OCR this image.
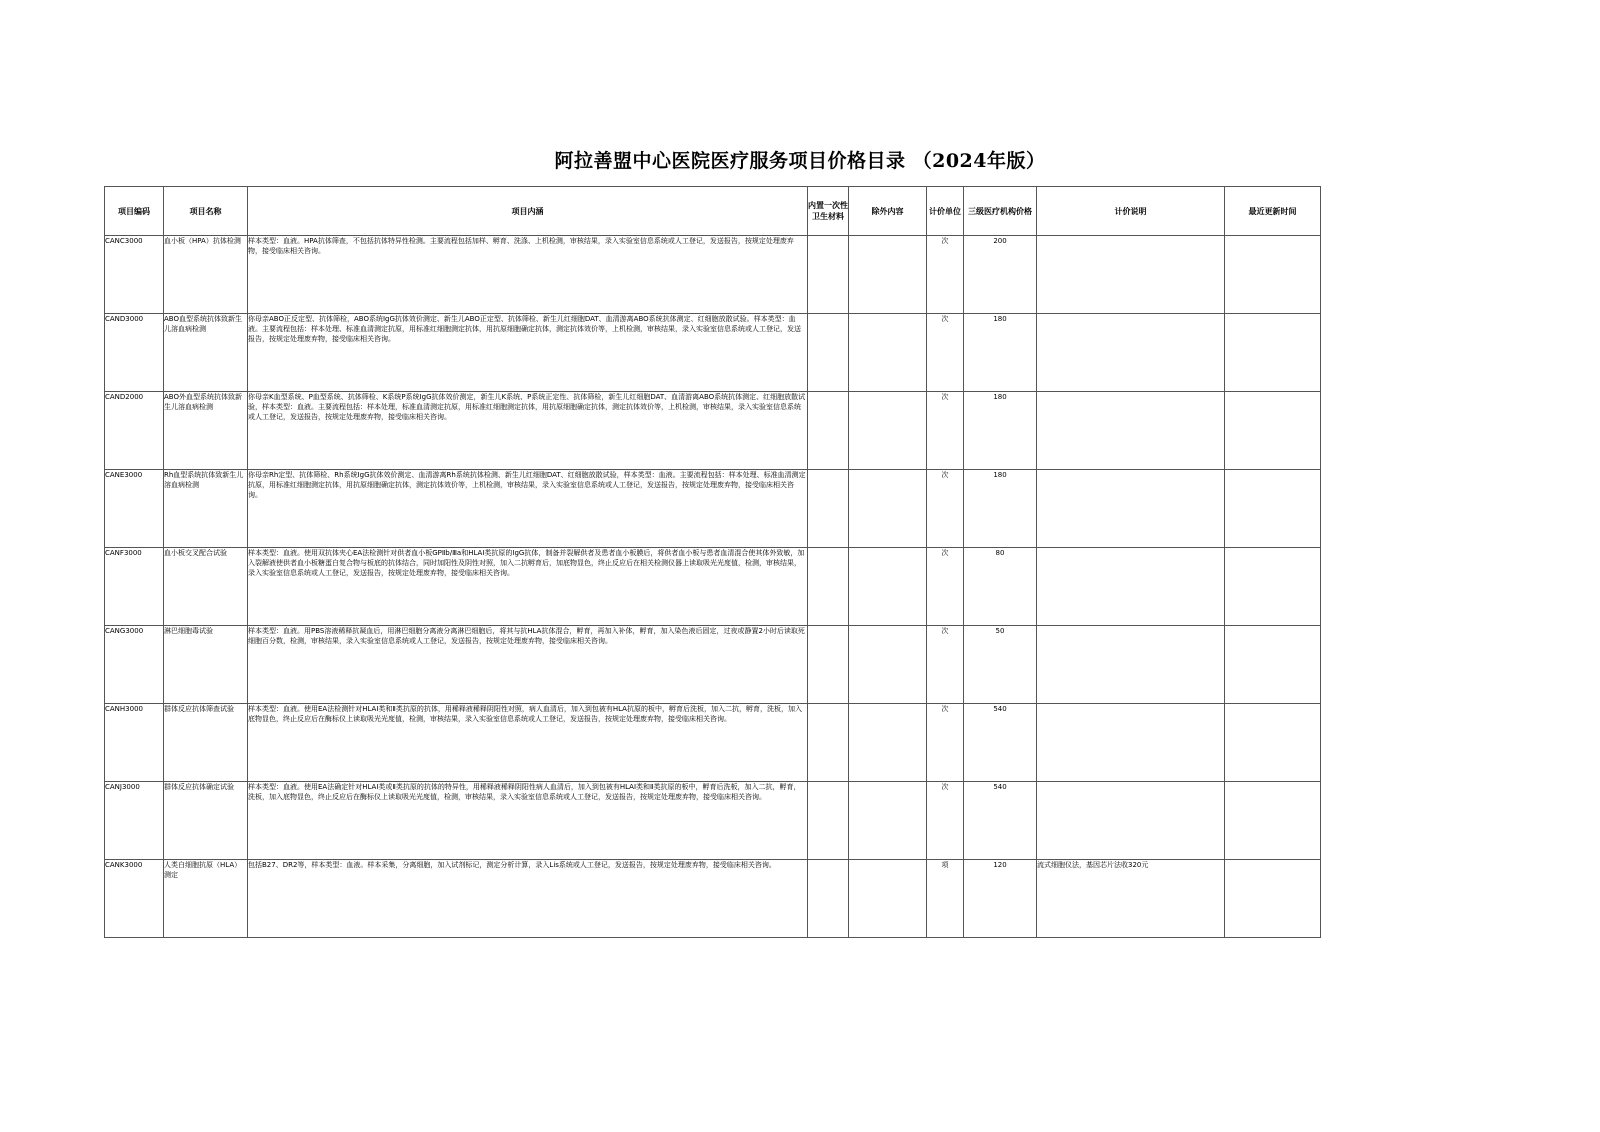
阿拉善盟中心医院医疗服务项目价格目录 （2024年版）
项目编码	项目名称	项目内涵	内置一次性卫生材料	除外内容	计价单位	三级医疗机构价格	计价说明	最近更新时间
CANC3000	血小板（HPA）抗体检测	样本类型：血液。HPA抗体筛查，不包括抗体特异性检测。主要流程包括加样、孵育、洗涤、上机检测，审核结果，录入实验室信息系统或人工登记，发送报告，按规定处理废弃物，接受临床相关咨询。			次	200		
CAND3000	ABO血型系统抗体致新生儿溶血病检测	你母亲ABO正反定型、抗体筛检，ABO系统IgG抗体效价测定、新生儿ABO正定型、抗体筛检、新生儿红细胞DAT、血清游离ABO系统抗体测定、红细胞放散试验。样本类型：血液。主要流程包括：样本处理、标准血清测定抗原，用标准红细胞测定抗体，用抗原细胞确定抗体，测定抗体效价等，上机检测，审核结果，录入实验室信息系统或人工登记，发送报告，按规定处理废弃物，接受临床相关咨询。			次	180		
CAND2000	ABO外血型系统抗体致新生儿溶血病检测	你母亲K血型系统、P血型系统、抗体筛检、K系统P系统IgG抗体效价测定，新生儿K系统、P系统正定性、抗体筛检，新生儿红细胞DAT、血清游离ABO系统抗体测定、红细胞放散试验，样本类型：血液。主要流程包括：样本处理，标准血清测定抗原，用标准红细胞测定抗体，用抗原细胞确定抗体，测定抗体效价等，上机检测，审核结果，录入实验室信息系统或人工登记，发送报告，按规定处理废弃物，接受临床相关咨询。			次	180		
CANE3000	Rh血型系统抗体致新生儿溶血病检测	你母亲Rh定型、抗体筛检、Rh系统IgG抗体效价测定、血清游离Rh系统抗体检测、新生儿红细胞DAT、红细胞放散试验，样本类型：血液。主要流程包括：样本处理、标准血清测定抗原，用标准红细胞测定抗体，用抗原细胞确定抗体，测定抗体效价等，上机检测，审核结果，录入实验室信息系统或人工登记，发送报告，按规定处理废弃物，接受临床相关咨询。			次	180		
CANF3000	血小板交叉配合试验	样本类型：血液。使用双抗体夹心EA法检测针对供者血小板GPⅡb/Ⅲa和HLAⅠ类抗原的IgG抗体，制备并裂解供者及患者血小板膜后，将供者血小板与患者血清混合使其体外致敏，加入裂解液使供者血小板糖蛋白复合物与板底的抗体结合，同时加阳性及阴性对照，加入二抗孵育后，加底物显色，终止反应后在相关检测仪器上读取吸光光度值，检测，审核结果，录入实验室信息系统或人工登记，发送报告，按规定处理废弃物，接受临床相关咨询。			次	80		
CANG3000	淋巴细胞毒试验	样本类型：血液。用PBS溶液稀释抗凝血后，用淋巴细胞分离液分离淋巴细胞后，将其与抗HLA抗体混合，孵育，再加入补体，孵育，加入染色液后固定，过夜或静置2小时后读取死细胞百分数，检测，审核结果，录入实验室信息系统或人工登记，发送报告，按规定处理废弃物，接受临床相关咨询。			次	50		
CANH3000	群体反应抗体筛查试验	样本类型：血液。使用EA法检测针对HLAⅠ类和Ⅱ类抗原的抗体，用稀释液稀释阴阳性对照，病人血清后，加入到包被有HLA抗原的板中，孵育后洗板，加入二抗，孵育，洗板，加入底物显色，终止反应后在酶标仪上读取吸光光度值，检测，审核结果，录入实验室信息系统或人工登记，发送报告，按规定处理废弃物，接受临床相关咨询。			次	540		
CANJ3000	群体反应抗体确定试验	样本类型：血液。使用EA法确定针对HLAⅠ类或Ⅱ类抗原的抗体的特异性，用稀释液稀释阴阳性病人血清后，加入到包被有HLAⅠ类和Ⅱ类抗原的板中，孵育后洗板，加入二抗，孵育，洗板，加入底物显色，终止反应后在酶标仪上读取吸光光度值，检测，审核结果，录入实验室信息系统或人工登记，发送报告，按规定处理废弃物，接受临床相关咨询。			次	540		
CANK3000	人类白细胞抗原（HLA）测定	包括B27、DR2等，样本类型：血液。样本采集，分离细胞，加入试剂标记，测定分析计算，录入Lis系统或人工登记，发送报告，按规定处理废弃物，接受临床相关咨询。			项	120	流式细胞仪法，基因芯片法收320元	
